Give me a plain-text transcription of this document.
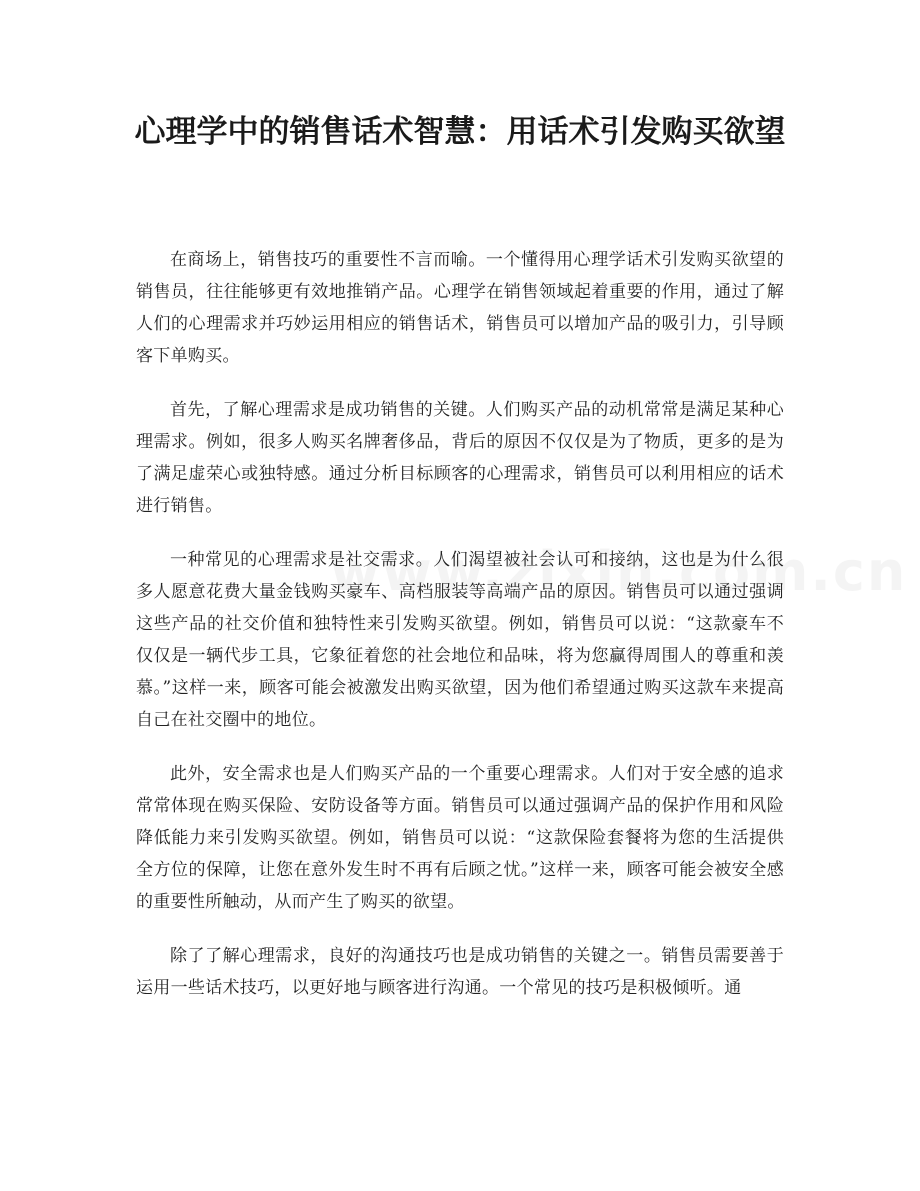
心理学中的销售话术智慧：用话术引发购买欲望

在商场上，销售技巧的重要性不言而喻。一个懂得用心理学话术引发购买欲望的销售员，往往能够更有效地推销产品。心理学在销售领域起着重要的作用，通过了解人们的心理需求并巧妙运用相应的销售话术，销售员可以增加产品的吸引力，引导顾客下单购买。

首先，了解心理需求是成功销售的关键。人们购买产品的动机常常是满足某种心理需求。例如，很多人购买名牌奢侈品，背后的原因不仅仅是为了物质，更多的是为了满足虚荣心或独特感。通过分析目标顾客的心理需求，销售员可以利用相应的话术进行销售。

一种常见的心理需求是社交需求。人们渴望被社会认可和接纳，这也是为什么很多人愿意花费大量金钱购买豪车、高档服装等高端产品的原因。销售员可以通过强调这些产品的社交价值和独特性来引发购买欲望。例如，销售员可以说：“这款豪车不仅仅是一辆代步工具，它象征着您的社会地位和品味，将为您赢得周围人的尊重和羡慕。”这样一来，顾客可能会被激发出购买欲望，因为他们希望通过购买这款车来提高自己在社交圈中的地位。

此外，安全需求也是人们购买产品的一个重要心理需求。人们对于安全感的追求常常体现在购买保险、安防设备等方面。销售员可以通过强调产品的保护作用和风险降低能力来引发购买欲望。例如，销售员可以说：“这款保险套餐将为您的生活提供全方位的保障，让您在意外发生时不再有后顾之忧。”这样一来，顾客可能会被安全感的重要性所触动，从而产生了购买的欲望。

除了了解心理需求，良好的沟通技巧也是成功销售的关键之一。销售员需要善于运用一些话术技巧，以更好地与顾客进行沟通。一个常见的技巧是积极倾听。通
